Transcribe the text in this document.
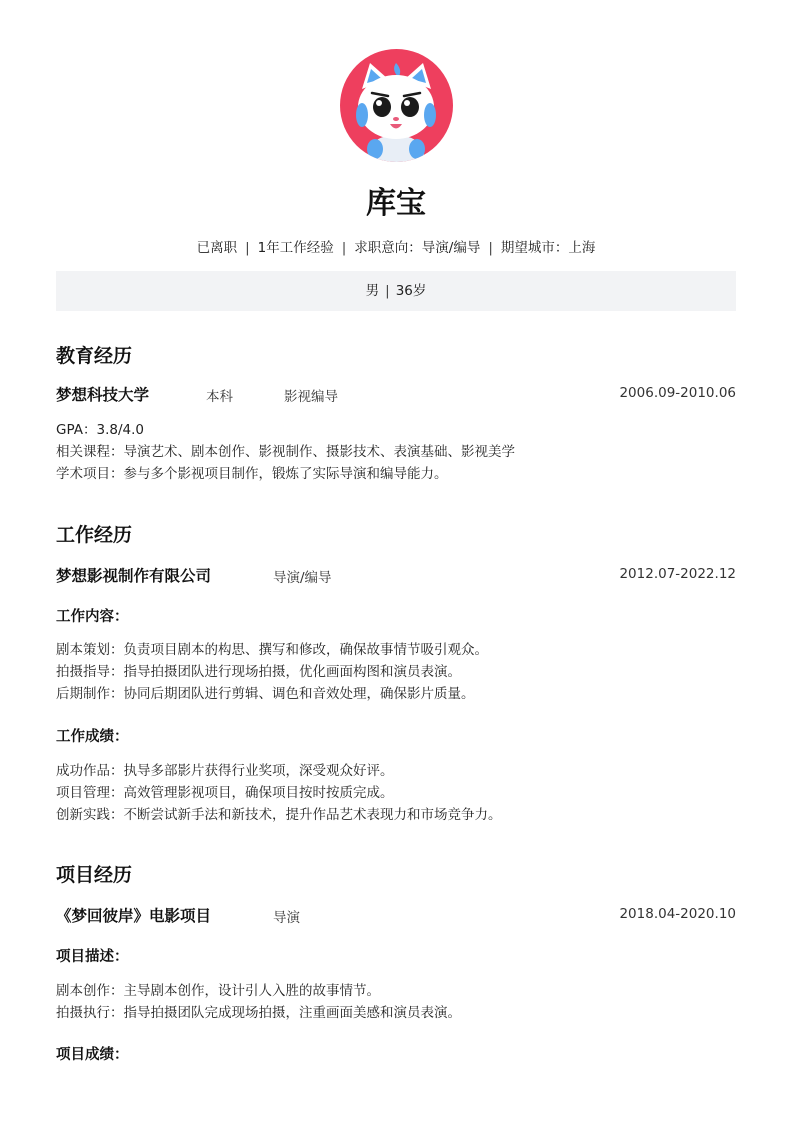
库宝
已离职 | 1年工作经验 | 求职意向：导演/编导 | 期望城市：上海
男 | 36岁
教育经历
梦想科技大学	本科	影视编导	2006.09-2010.06
GPA：3.8/4.0
相关课程：导演艺术、剧本创作、影视制作、摄影技术、表演基础、影视美学
学术项目：参与多个影视项目制作，锻炼了实际导演和编导能力。
工作经历
梦想影视制作有限公司	导演/编导	2012.07-2022.12
工作内容：
剧本策划：负责项目剧本的构思、撰写和修改，确保故事情节吸引观众。
拍摄指导：指导拍摄团队进行现场拍摄，优化画面构图和演员表演。
后期制作：协同后期团队进行剪辑、调色和音效处理，确保影片质量。
工作成绩：
成功作品：执导多部影片获得行业奖项，深受观众好评。
项目管理：高效管理影视项目，确保项目按时按质完成。
创新实践：不断尝试新手法和新技术，提升作品艺术表现力和市场竞争力。
项目经历
《梦回彼岸》电影项目	导演	2018.04-2020.10
项目描述：
剧本创作：主导剧本创作，设计引人入胜的故事情节。
拍摄执行：指导拍摄团队完成现场拍摄，注重画面美感和演员表演。
项目成绩：
